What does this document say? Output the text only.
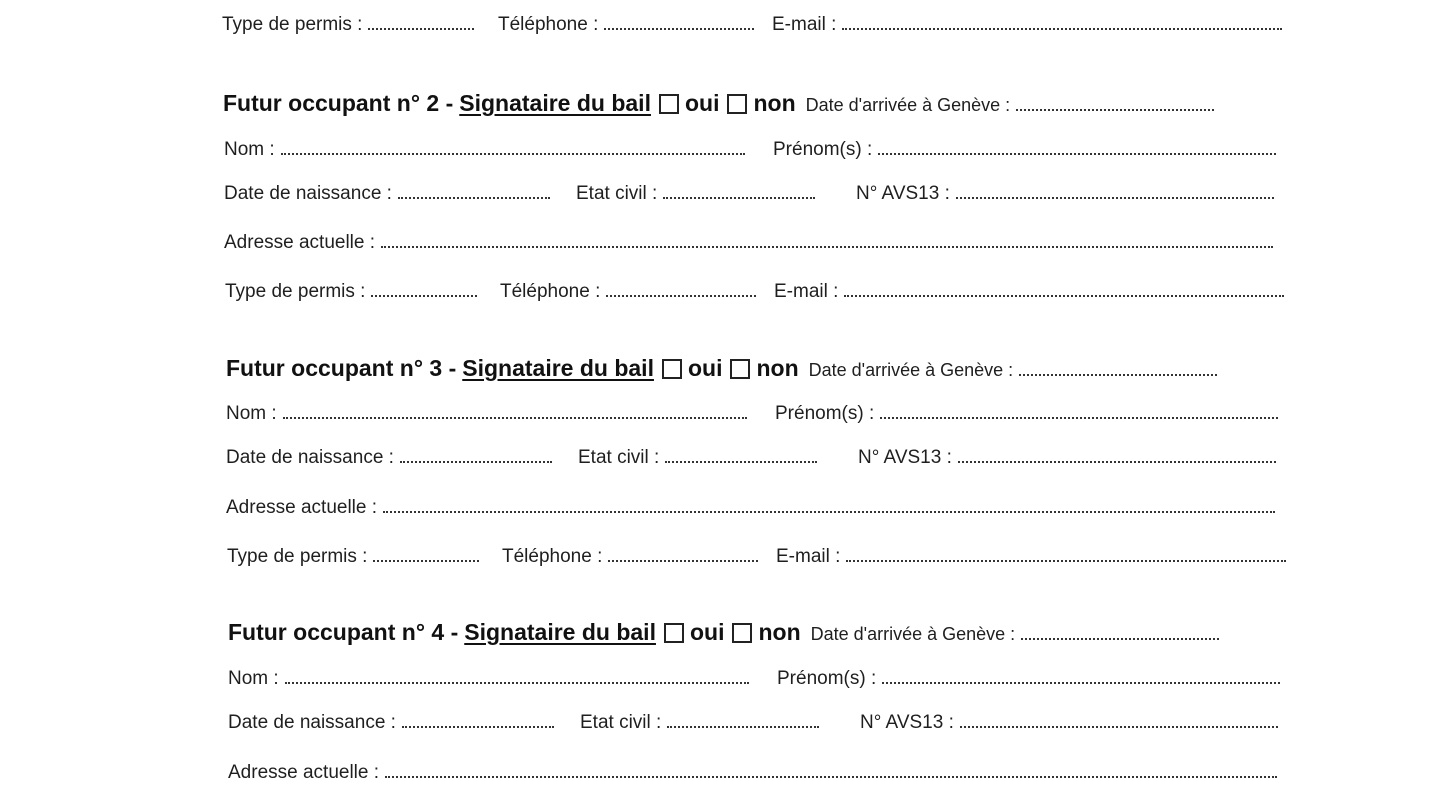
Type de permis :	Téléphone :	E-mail :
Futur occupant n° 2 - Signataire du bail oui non Date d'arrivée à Genève :
Nom :	Prénom(s) :
Date de naissance :	Etat civil :	N° AVS13 :
Adresse actuelle :
Type de permis :	Téléphone :	E-mail :
Futur occupant n° 3 - Signataire du bail oui non Date d'arrivée à Genève :
Nom :	Prénom(s) :
Date de naissance :	Etat civil :	N° AVS13 :
Adresse actuelle :
Type de permis :	Téléphone :	E-mail :
Futur occupant n° 4 - Signataire du bail oui non Date d'arrivée à Genève :
Nom :	Prénom(s) :
Date de naissance :	Etat civil :	N° AVS13 :
Adresse actuelle :
